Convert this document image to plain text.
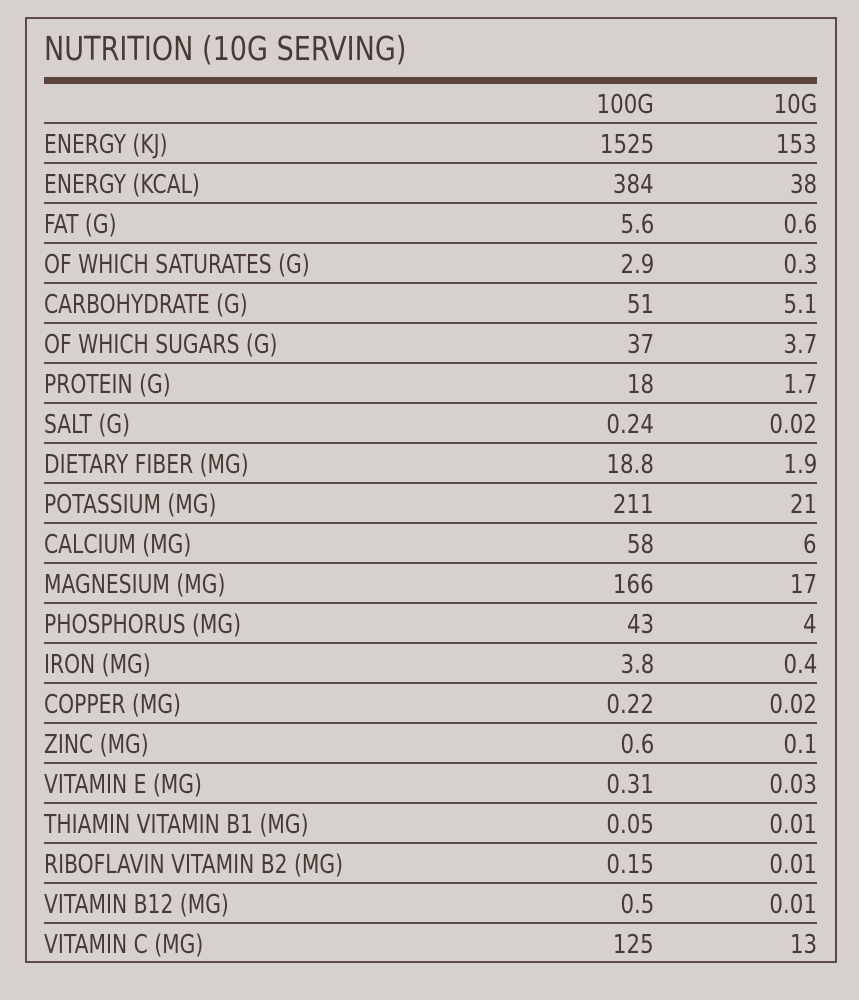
NUTRITION (10G SERVING)
100G	10G
ENERGY (KJ)	1525	153
ENERGY (KCAL)	384	38
FAT (G)	5.6	0.6
OF WHICH SATURATES (G)	2.9	0.3
CARBOHYDRATE (G)	51	5.1
OF WHICH SUGARS (G)	37	3.7
PROTEIN (G)	18	1.7
SALT (G)	0.24	0.02
DIETARY FIBER (MG)	18.8	1.9
POTASSIUM (MG)	211	21
CALCIUM (MG)	58	6
MAGNESIUM (MG)	166	17
PHOSPHORUS (MG)	43	4
IRON (MG)	3.8	0.4
COPPER (MG)	0.22	0.02
ZINC (MG)	0.6	0.1
VITAMIN E (MG)	0.31	0.03
THIAMIN VITAMIN B1 (MG)	0.05	0.01
RIBOFLAVIN VITAMIN B2 (MG)	0.15	0.01
VITAMIN B12 (MG)	0.5	0.01
VITAMIN C (MG)	125	13
